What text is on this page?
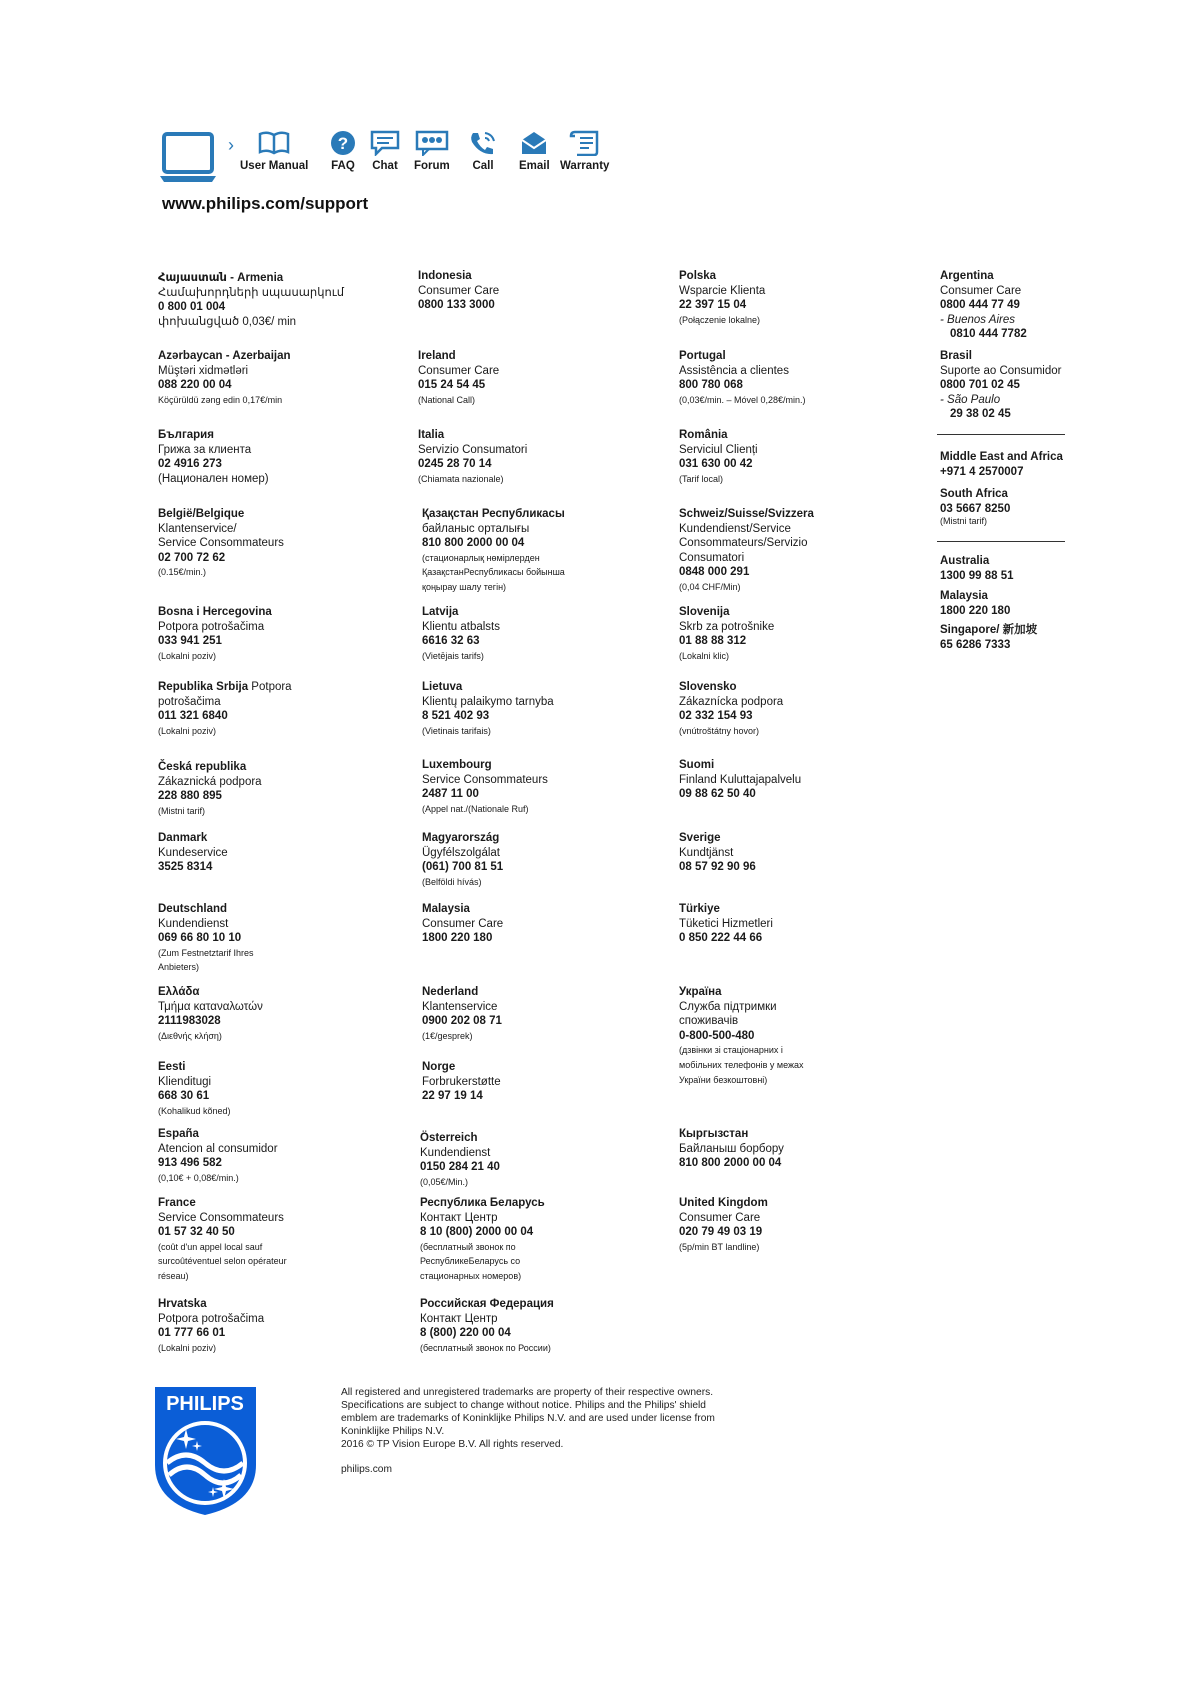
›
User Manual
?
FAQ Chat Forum	Call	Email Warranty
www.philips.com/support
Հայաստան - Armenia
Համախորդների սպասարկում
0 800 01 004
փոխանցված 0,03€/ min
Azərbaycan - Azerbaijan
Müştəri xidmətləri
088 220 00 04
Köçürüldü zəng edin 0,17€/min
България
Грижа за клиента
02 4916 273
(Национален номер)
België/Belgique
Klantenservice/
Service Consommateurs
02 700 72 62
(0.15€/min.)
Bosna i Hercegovina
Potpora potrošačima
033 941 251
(Lokalni poziv)
Republika Srbija Potpora
potrošačima
011 321 6840
(Lokalni poziv)
Česká republika
Zákaznická podpora
228 880 895
(Mistni tarif)
Danmark
Kundeservice
3525 8314
Deutschland
Kundendienst
069 66 80 10 10
(Zum Festnetztarif Ihres
Anbieters)
Ελλάδα
Τμήμα καταναλωτών
2111983028
(Διεθνής κλήση)
Eesti
Klienditugi
668 30 61
(Kohalikud kõned)
España
Atencion al consumidor
913 496 582
(0,10€ + 0,08€/min.)
France
Service Consommateurs
01 57 32 40 50
(coût d'un appel local sauf
surcoûtéventuel selon opérateur
réseau)
Hrvatska
Potpora potrošačima
01 777 66 01
(Lokalni poziv)
Indonesia
Consumer Care
0800 133 3000
Ireland
Consumer Care
015 24 54 45
(National Call)
Italia
Servizio Consumatori
0245 28 70 14
(Chiamata nazionale)
Қазақстан Республикасы
байланыс орталығы
810 800 2000 00 04
(стационарлық нөмірлерден
ҚазақстанРеспубликасы бойынша
қоңырау шалу тегін)
Latvija
Klientu atbalsts
6616 32 63
(Vietējais tarifs)
Lietuva
Klientų palaikymo tarnyba
8 521 402 93
(Vietinais tarifais)
Luxembourg
Service Consommateurs
2487 11 00
(Appel nat./(Nationale Ruf)
Magyarország
Ügyfélszolgálat
(061) 700 81 51
(Belföldi hívás)
Malaysia
Consumer Care
1800 220 180
Nederland
Klantenservice
0900 202 08 71
(1€/gesprek)
Norge
Forbrukerstøtte
22 97 19 14
Österreich
Kundendienst
0150 284 21 40
(0,05€/Min.)
Республика Беларусь
Контакт Центр
8 10 (800) 2000 00 04
(бесплатный звонок по
РеспубликеБеларусь со
стационарных номеров)
Российская Федерация
Контакт Центр
8 (800) 220 00 04
(бесплатный звонок по России)
Polska
Wsparcie Klienta
22 397 15 04
(Połączenie lokalne)
Portugal
Assistência a clientes
800 780 068
(0,03€/min. – Móvel 0,28€/min.)
România
Serviciul Clienți
031 630 00 42
(Tarif local)
Schweiz/Suisse/Svizzera
Kundendienst/Service
Consommateurs/Servizio
Consumatori
0848 000 291
(0,04 CHF/Min)
Slovenija
Skrb za potrošnike
01 88 88 312
(Lokalni klic)
Slovensko
Zákaznícka podpora
02 332 154 93
(vnútroštátny hovor)
Suomi
Finland Kuluttajapalvelu
09 88 62 50 40
Sverige
Kundtjänst
08 57 92 90 96
Türkiye
Tüketici Hizmetleri
0 850 222 44 66
Україна
Служба підтримки
споживачів
0-800-500-480
(дзвінки зі стаціонарних і
мобільних телефонів у межах
України безкоштовні)
Кыргызстан
Байланыш борбору
810 800 2000 00 04
United Kingdom
Consumer Care
020 79 49 03 19
(5p/min BT landline)
Argentina
Consumer Care
0800 444 77 49
- Buenos Aires
0810 444 7782
Brasil
Suporte ao Consumidor
0800 701 02 45
- São Paulo
29 38 02 45
Middle East and Africa
+971 4 2570007
South Africa
03 5667 8250
(Mistni tarif)
Australia
1300 99 88 51
Malaysia
1800 220 180
Singapore/ 新加坡
65 6286 7333
PHILIPS
All registered and unregistered trademarks are property of their respective owners.
Specifications are subject to change without notice. Philips and the Philips' shield
emblem are trademarks of Koninklijke Philips N.V. and are used under license from
Koninklijke Philips N.V.
2016 © TP Vision Europe B.V. All rights reserved.
philips.com
